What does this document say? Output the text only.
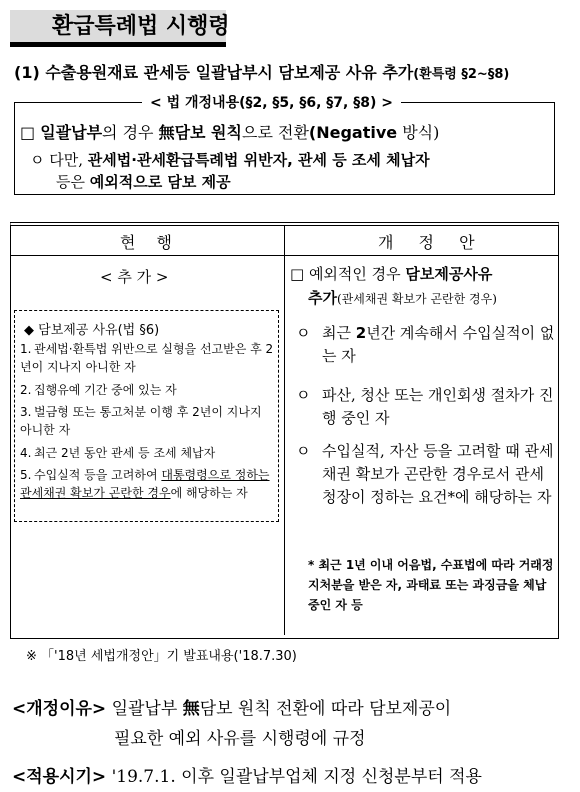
환급특례법 시행령
(1) 수출용원재료 관세등 일괄납부시 담보제공 사유 추가(환특령 §2~§8)
< 법 개정내용(§2, §5, §6, §7, §8) >
□ 일괄납부의 경우 無담보 원칙으로 전환(Negative 방식)
ㅇ 다만, 관세법·관세환급특례법 위반자, 관세 등 조세 체납자
등은 예외적으로 담보 제공
현 행	개 정 안
< 추 가 >
◆ 담보제공 사유(법 §6)
1. 관세법·환특법 위반으로 실형을 선고받은 후 2년이 지나지 아니한 자
2. 집행유예 기간 중에 있는 자
3. 벌금형 또는 통고처분 이행 후 2년이 지나지 아니한 자
4. 최근 2년 동안 관세 등 조세 체납자
5. 수입실적 등을 고려하여 대통령령으로 정하는 관세채권 확보가 곤란한 경우에 해당하는 자
□ 예외적인 경우 담보제공사유
추가(관세채권 확보가 곤란한 경우)
ㅇ 최근 2년간 계속해서 수입실적이 없는 자
ㅇ 파산, 청산 또는 개인회생 절차가 진행 중인 자
ㅇ 수입실적, 자산 등을 고려할 때 관세채권 확보가 곤란한 경우로서 관세청장이 정하는 요건*에 해당하는 자
* 최근 1년 이내 어음법, 수표법에 따라 거래정지처분을 받은 자, 과태료 또는 과징금을 체납 중인 자 등
※ 「'18년 세법개정안」기 발표내용('18.7.30)
<개정이유> 일괄납부 無담보 원칙 전환에 따라 담보제공이
필요한 예외 사유를 시행령에 규정
<적용시기> '19.7.1. 이후 일괄납부업체 지정 신청분부터 적용
